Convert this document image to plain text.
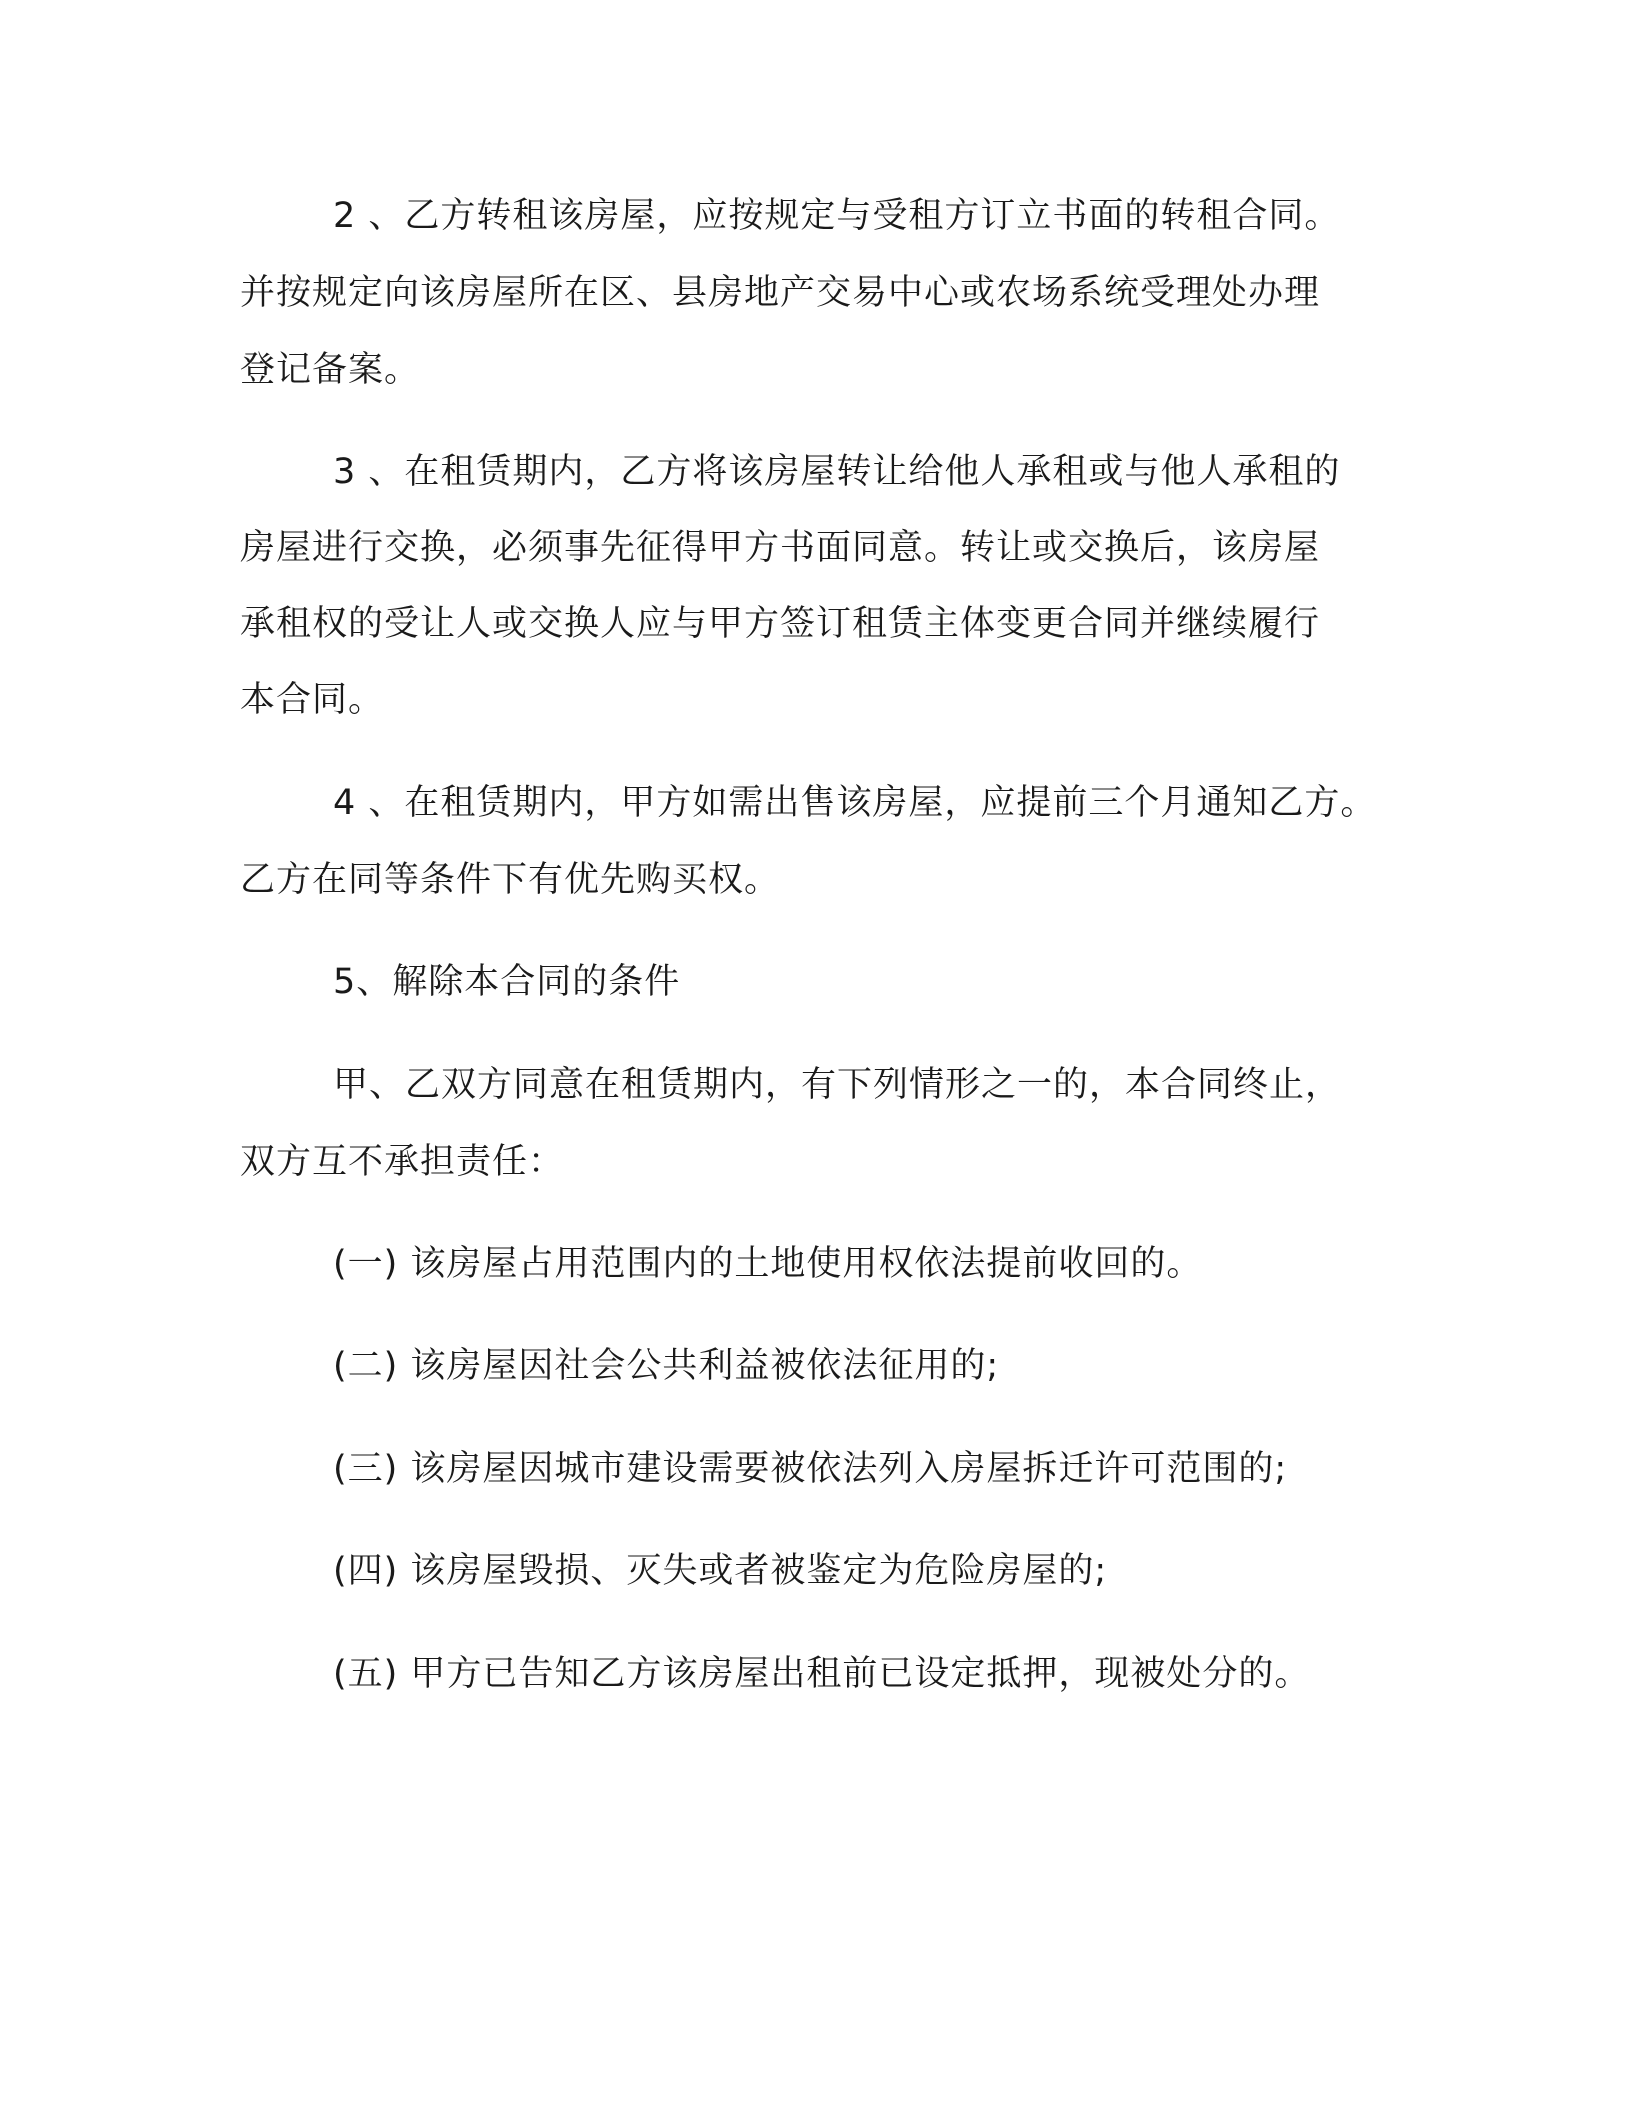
2 、乙方转租该房屋，应按规定与受租方订立书面的转租合同。
并按规定向该房屋所在区、县房地产交易中心或农场系统受理处办理
登记备案。
3 、在租赁期内，乙方将该房屋转让给他人承租或与他人承租的
房屋进行交换，必须事先征得甲方书面同意。转让或交换后，该房屋
承租权的受让人或交换人应与甲方签订租赁主体变更合同并继续履行
本合同。
4 、在租赁期内，甲方如需出售该房屋，应提前三个月通知乙方。
乙方在同等条件下有优先购买权。
5、解除本合同的条件
甲、乙双方同意在租赁期内，有下列情形之一的，本合同终止，
双方互不承担责任：
(一) 该房屋占用范围内的土地使用权依法提前收回的。
(二) 该房屋因社会公共利益被依法征用的;
(三) 该房屋因城市建设需要被依法列入房屋拆迁许可范围的;
(四) 该房屋毁损、灭失或者被鉴定为危险房屋的;
(五) 甲方已告知乙方该房屋出租前已设定抵押，现被处分的。
